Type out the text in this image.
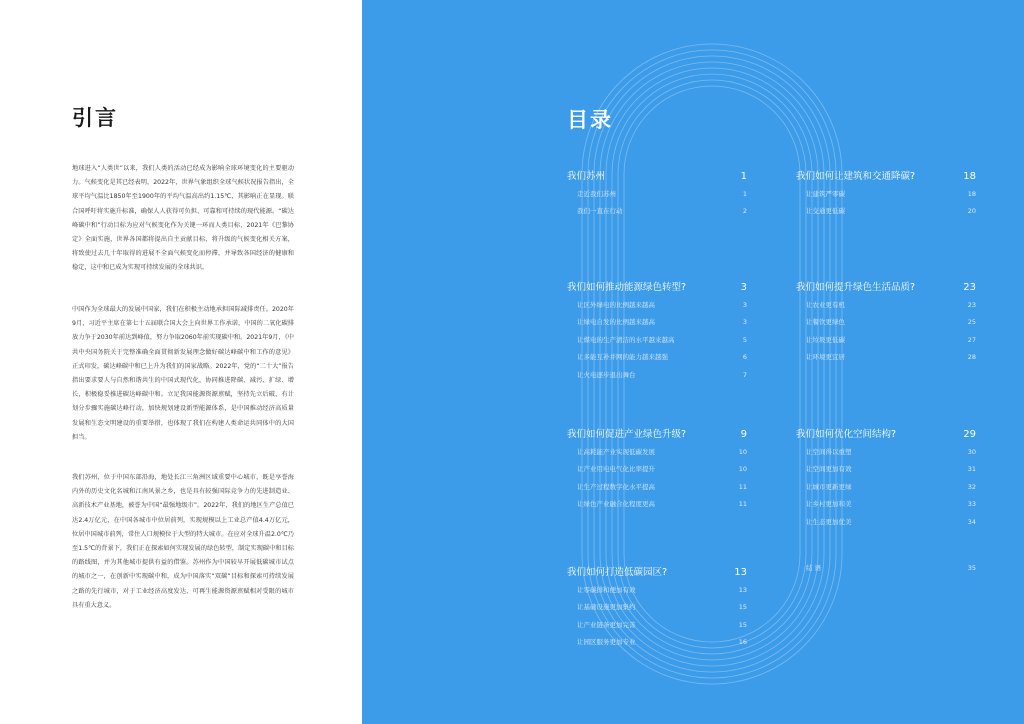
引言
地球进入“人类世”以来，我们人类的活动已经成为影响全球环境变化的主要驱动力。气候变化是其已经表明，2022年，世界气象组织全球气候状况报告指出，全球平均气温比1850年至1900年的平均气温高出约1.15℃，其影响正在显现。联合国呼吁将实施升标准，确保人人获得可负担、可靠和可持续的现代能源。“碳达峰碳中和”行动目标为应对气候变化作为关键一环而人类目标，2021年《巴黎协定》全面实施，世界各国都将提出自主贡献目标，将升级的气候变化相关方案，将致使过去几十年取得的进展不全面气候变化而停滞，并导致各国经济的健康和稳定，这中和已成为实现可持续发展的全球共识。
中国作为全球最大的发展中国家，我们在积极主动地承担国际减排责任。2020年9月，习近平主席在第七十五届联合国大会上向世界工作承诺，中国的二氧化碳排放力争于2030年前达到峰值，努力争取2060年前实现碳中和。2021年9月，《中共中央国务院关于完整准确全面贯彻新发展理念做好碳达峰碳中和工作的意见》正式印发，碳达峰碳中和已上升为我们的国家战略。2022年，党的“二十大”报告指出要求要人与自然和谐共生的中国式现代化，协同推进降碳、减污、扩绿、增长，积极稳妥推进碳达峰碳中和。立足我国能源资源禀赋，坚持先立后破，有计划分步骤实施碳达峰行动，加快规划建设新型能源体系，是中国推动经济高质量发展和生态文明建设的重要举措，也体现了我们在构建人类命运共同体中的大国担当。
我们苏州，位于中国东部沿海，地处长江三角洲区域重要中心城市，既是享誉海内外的历史文化名城和江南风景之乡，也是具有较强国际竞争力的先进制造业、高新技术产业基地，被誉为中国“最强地级市”。2022年，我们的地区生产总值已达2.4万亿元，在中国各城市中位居前列，实现规模以上工业总产值4.4万亿元，位居中国城市前列，常住人口规模位于大型的特大城市。在应对全球升温2.0℃乃至1.5℃的背景下，我们正在探索如何实现发展的绿色转型，制定实现碳中和目标的路线图，并为其他城市提供有益的借鉴。苏州作为中国较早开展低碳城市试点的城市之一，在创新中实现碳中和，成为中国落实“双碳”目标和探索可持续发展之路的先行城市，对于工业经济高度发达、可再生能源资源禀赋相对受限的城市具有重大意义。
目录
我们苏州	1
走近我们苏州	1
我们一直在行动	2
我们如何推动能源绿色转型?	3
让区外绿电的比例越来越高	3
让绿电自发的比例越来越高	3
让煤电的生产清洁的水平越来越高	5
让多能互补并网的能力越来越强	6
让火电逐步退出舞台	7
我们如何促进产业绿色升级?	9
让高耗能产业实现低碳发展	10
让产业用电电气化比率提升	10
让生产过程数字化水平提高	11
让绿色产业融合化程度更高	11
我们如何打造低碳园区?	13
让零碳排和便加有效	13
让基础设施更加集约	15
让产业链条更加完善	15
让园区服务更加专业	16
我们如何让建筑和交通降碳?	18
让建筑严零碳	18
让交通更低碳	20
我们如何提升绿色生活品质?	23
让农业更有机	23
让餐饮更绿色	25
让垃圾更低碳	27
让环境更宜居	28
我们如何优化空间结构?	29
让空间得以重塑	30
让空间更加有效	31
让城市更新更绿	32
让乡村更加和美	33
让生态更加优美	34
结 语	35
